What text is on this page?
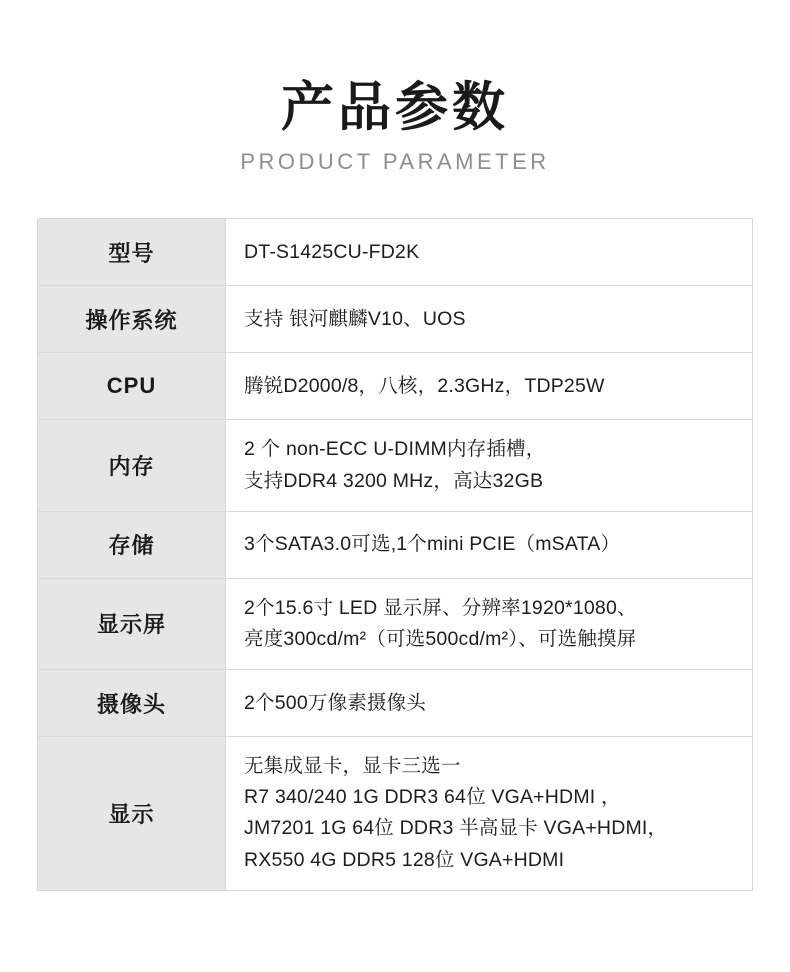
产品参数
PRODUCT PARAMETER
型号	DT-S1425CU-FD2K

操作系统	支持 银河麒麟V10、UOS

CPU	腾锐D2000/8，八核，2.3GHz，TDP25W

内存	2 个 non-ECC U-DIMM内存插槽，
支持DDR4 3200 MHz，高达32GB

存储	3个SATA3.0可选,1个mini PCIE（mSATA）

显示屏	2个15.6寸 LED 显示屏、分辨率1920*1080、
亮度300cd/m²（可选500cd/m²）、可选触摸屏

摄像头	2个500万像素摄像头

显示	无集成显卡，显卡三选一
R7 340/240 1G DDR3 64位 VGA+HDMI ，
JM7201 1G 64位 DDR3 半高显卡 VGA+HDMI，
RX550 4G DDR5 128位 VGA+HDMI
